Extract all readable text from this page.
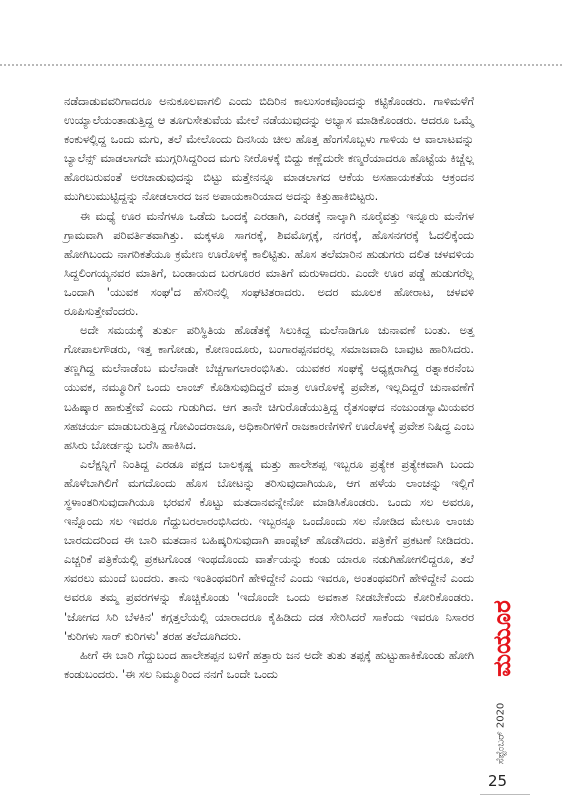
ನಡೆದಾಡುವವರಿಗಾದರೂ ಅನುಕೂಲವಾಗಲಿ ಎಂದು ಬಿದಿರಿನ ಕಾಲುಸಂಕವೊಂದನ್ನು ಕಟ್ಟಿಕೊಂಡರು. ಗಾಳಿಮಳೆಗೆ ಉಯ್ಯಾಲೆಯಂತಾಡುತ್ತಿದ್ದ ಆ ತೂಗುಸೇತುವೆಯ ಮೇಲೆ ನಡೆಯುವುದನ್ನು ಅಭ್ಯಾಸ ಮಾಡಿಕೊಂಡರು. ಆದರೂ ಒಮ್ಮೆ ಕಂಕುಳಲ್ಲಿದ್ದ ಒಂದು ಮಗು, ತಲೆ ಮೇಲೊಂದು ದಿನಸಿಯ ಚೀಲ ಹೊತ್ತ ಹೆಂಗಸೊಬ್ಬಳು ಗಾಳಿಯ ಆ ವಾಲಾಟವನ್ನು ಬ್ಯಾಲೆನ್ಸ್ ಮಾಡಲಾಗದೇ ಮುಗ್ಗರಿಸಿದ್ದರಿಂದ ಮಗು ನೀರೊಳಕ್ಕೆ ಬಿದ್ದು ಕಣ್ಣೆದುರೇ ಕಣ್ಮರೆಯಾದರೂ ಹೊಟ್ಟೆಯ ಕಿಚ್ಚೆಲ್ಲ ಹೊರಬರುವಂತೆ ಅರಚಾಡುವುದನ್ನು ಬಿಟ್ಟು ಮತ್ತೇನನ್ನೂ ಮಾಡಲಾಗದ ಆಕೆಯ ಅಸಹಾಯಕತೆಯ ಆಕ್ರಂದನ ಮುಗಿಲುಮುಟ್ಟಿದ್ದನ್ನು ನೋಡಲಾರದ ಜನ ಅಪಾಯಕಾರಿಯಾದ ಅದನ್ನು ಕಿತ್ತುಹಾಕಿಬಿಟ್ಟರು.

ಈ ಮಧ್ಯೆ ಊರ ಮನೆಗಳೂ ಒಡೆದು ಒಂದಕ್ಕೆ ಎರಡಾಗಿ, ಎರಡಕ್ಕೆ ನಾಲ್ಕಾಗಿ ನೂರೈವತ್ತು ಇನ್ನೂರು ಮನೆಗಳ ಗ್ರಾಮವಾಗಿ ಪರಿವರ್ತಿತವಾಗಿತ್ತು. ಮಕ್ಕಳೂ ಸಾಗರಕ್ಕೆ, ಶಿವಮೊಗ್ಗಕ್ಕೆ, ನಗರಕ್ಕೆ, ಹೊಸನಗರಕ್ಕೆ ಓದಲಿಕ್ಕೆಂದು ಹೋಗಿಬಂದು ನಾಗರಿಕತೆಯೂ ಕ್ರಮೇಣ ಊರೊಳಕ್ಕೆ ಕಾಲಿಟ್ಟಿತು. ಹೊಸ ತಲೆಮಾರಿನ ಹುಡುಗರು ದಲಿತ ಚಳವಳಿಯ ಸಿದ್ದಲಿಂಗಯ್ಯನವರ ಮಾತಿಗೆ, ಬಂಡಾಯದ ಬರಗೂರರ ಮಾತಿಗೆ ಮರುಳಾದರು. ಎಂದೇ ಊರ ಪಡ್ಡೆ ಹುಡುಗರೆಲ್ಲ ಒಂದಾಗಿ 'ಯುವಕ ಸಂಘ'ದ ಹೆಸರಿನಲ್ಲಿ ಸಂಘಟಿತರಾದರು. ಅದರ ಮೂಲಕ ಹೋರಾಟ, ಚಳವಳಿ ರೂಪಿಸುತ್ತೇವೆಂದರು.

ಅದೇ ಸಮಯಕ್ಕೆ ತುರ್ತು ಪರಿಸ್ಥಿತಿಯ ಹೊಡೆತಕ್ಕೆ ಸಿಲುಕಿದ್ದ ಮಲೆನಾಡಿಗೂ ಚುನಾವಣೆ ಬಂತು. ಅತ್ತ ಗೋಪಾಲಗೌಡರು, ಇತ್ತ ಕಾಗೋಡು, ಕೋಣಂದೂರು, ಬಂಗಾರಪ್ಪನವರಲ್ಲ ಸಮಾಜವಾದಿ ಬಾವುಟ ಹಾರಿಸಿದರು. ತಣ್ಣಗಿದ್ದ ಮಲೆನಾಡೆಂಬ ಮಲೆನಾಡೇ ಬೆಚ್ಚಗಾಗಲಾರಂಭಿಸಿತು. ಯುವಕರ ಸಂಘಕ್ಕೆ ಅಧ್ಯಕ್ಷರಾಗಿದ್ದ ರತ್ನಾಕರನೆಂಬ ಯುವಕ, ನಮ್ಮೂರಿಗೆ ಒಂದು ಲಾಂಚ್ ಕೊಡಿಸುವುದಿದ್ದರೆ ಮಾತ್ರ ಊರೊಳಕ್ಕೆ ಪ್ರವೇಶ, ಇಲ್ಲದಿದ್ದರೆ ಚುನಾವಣೆಗೆ ಬಹಿಷ್ಕಾರ ಹಾಕುತ್ತೇವೆ ಎಂದು ಗುಡುಗಿದ. ಆಗ ತಾನೇ ಚಿಗುರೊಡೆಯುತ್ತಿದ್ದ ರೈತಸಂಘದ ನಂಜುಂಡಸ್ವಾಮಿಯವರ ಸಹಚರ್ಯ ಮಾಡುಬರುತ್ತಿದ್ದ ಗೋವಿಂದರಾಜೂ, ಅಧಿಕಾರಿಗಳಿಗೆ ರಾಜಕಾರಣಿಗಳಿಗೆ ಊರೊಳಕ್ಕೆ ಪ್ರವೇಶ ನಿಷಿದ್ಧ ಎಂಬ ಹಸಿರು ಬೋರ್ಡನ್ನು ಬರೆಸಿ ಹಾಕಿಸಿದ.

ಎಲೆಕ್ಷನ್ನಿಗೆ ನಿಂತಿದ್ದ ಎರಡೂ ಪಕ್ಷದ ಬಾಲಕೃಷ್ಣ ಮತ್ತು ಹಾಲೇಶಪ್ಪ ಇಬ್ಬರೂ ಪ್ರತ್ಯೇಕ ಪ್ರತ್ಯೇಕವಾಗಿ ಬಂದು ಹೊಳೆಬಾಗಿಲಿಗೆ ಮಗದೊಂದು ಹೊಸ ಬೋಟನ್ನು ತರಿಸುವುದಾಗಿಯೂ, ಆಗ ಹಳೆಯ ಲಾಂಚನ್ನು ಇಲ್ಲಿಗೆ ಸ್ಥಳಾಂತರಿಸುವುದಾಗಿಯೂ ಭರವಸೆ ಕೊಟ್ಟು ಮತದಾನವನ್ನೇನೋ ಮಾಡಿಸಿಕೊಂಡರು. ಒಂದು ಸಲ ಅವರೂ, ಇನ್ನೊಂದು ಸಲ ಇವರೂ ಗೆದ್ದುಬರಲಾರಂಭಿಸಿದರು. ಇಬ್ಬರನ್ನೂ ಒಂದೊಂದು ಸಲ ನೋಡಿದ ಮೇಲೂ ಲಾಂಚು ಬಾರದುದರಿಂದ ಈ ಬಾರಿ ಮತದಾನ ಬಹಿಷ್ಕರಿಸುವುದಾಗಿ ಪಾಂಪ್ಲೆಟ್ ಹೊಡೆಸಿದರು. ಪತ್ರಿಕೆಗೆ ಪ್ರಕಟಣೆ ನೀಡಿದರು. ಎಚ್ಚರಿಕೆ ಪತ್ರಿಕೆಯಲ್ಲಿ ಪ್ರಕಟಗೊಂಡ ಇಂಥದೊಂದು ವಾರ್ತೆಯನ್ನು ಕಂಡು ಯಾರೂ ನಡುಗಿಹೋಗಲಿದ್ದರೂ, ತಲೆ ಸವರಲು ಮುಂದೆ ಬಂದರು. ತಾನು ಇಂತಿಂಥವರಿಗೆ ಹೇಳಿದ್ದೇನೆ ಎಂದು ಇವರೂ, ಅಂತಂಥವರಿಗೆ ಹೇಳಿದ್ದೇನೆ ಎಂದು ಅವರೂ ತಮ್ಮ ಪ್ರವರಗಳನ್ನು ಕೊಚ್ಚಿಕೊಂಡು 'ಇದೊಂದೇ ಒಂದು ಅವಕಾಶ ನೀಡಬೇಕೆಂದು ಕೋರಿಕೊಂಡರು. 'ಜೋಗದ ಸಿರಿ ಬೆಳಕಿನ' ಕಗ್ಗತ್ತಲೆಯಲ್ಲಿ ಯಾರಾದರೂ ಕೈಹಿಡಿದು ದಡ ಸೇರಿಸಿದರೆ ಸಾಕೆಂದು ಇವರೂ ನಿಸಾರರ 'ಕುರಿಗಳು ಸಾರ್ ಕುರಿಗಳು' ತರಹ ತಲೆದೂಗಿದರು.

ಹೀಗೆ ಈ ಬಾರಿ ಗೆದ್ದುಬಂದ ಹಾಲೇಶಪ್ಪನ ಬಳಿಗೆ ಹತ್ತಾರು ಜನ ಅದೇ ತುತು ತಪ್ಪಕ್ಕೆ ಹುಟ್ಟುಹಾಕಿಕೊಂಡು ಹೋಗಿ ಕಂಡುಬಂದರು. 'ಈ ಸಲ ನಿಮ್ಮೂರಿಂದ ನನಗೆ ಒಂದೇ ಒಂದು	ಮಯೂರ
ಸೆಪ್ಟೆಂಬರ್ 2020
25
